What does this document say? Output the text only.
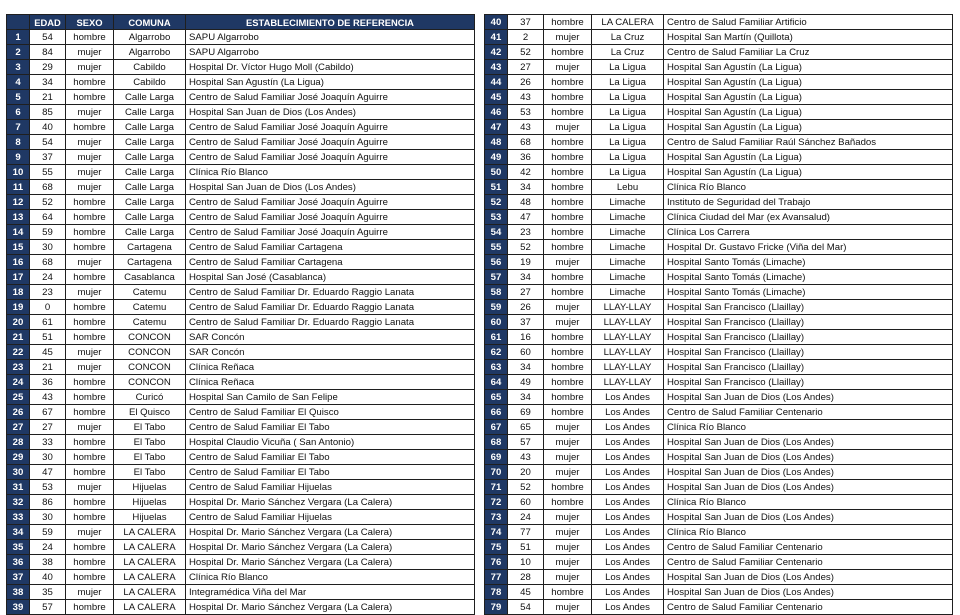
	EDAD	SEXO	COMUNA	ESTABLECIMIENTO DE REFERENCIA
1	54	hombre	Algarrobo	SAPU Algarrobo
2	84	mujer	Algarrobo	SAPU Algarrobo
3	29	mujer	Cabildo	Hospital Dr. Víctor Hugo Moll (Cabildo)
4	34	hombre	Cabildo	Hospital San Agustín (La Ligua)
5	21	hombre	Calle Larga	Centro de Salud Familiar José Joaquín Aguirre
6	85	mujer	Calle Larga	Hospital San Juan de Dios (Los Andes)
7	40	hombre	Calle Larga	Centro de Salud Familiar José Joaquín Aguirre
8	54	mujer	Calle Larga	Centro de Salud Familiar José Joaquín Aguirre
9	37	mujer	Calle Larga	Centro de Salud Familiar José Joaquín Aguirre
10	55	mujer	Calle Larga	Clínica Río Blanco
11	68	mujer	Calle Larga	Hospital San Juan de Dios (Los Andes)
12	52	hombre	Calle Larga	Centro de Salud Familiar José Joaquín Aguirre
13	64	hombre	Calle Larga	Centro de Salud Familiar José Joaquín Aguirre
14	59	hombre	Calle Larga	Centro de Salud Familiar José Joaquín Aguirre
15	30	hombre	Cartagena	Centro de Salud Familiar Cartagena
16	68	mujer	Cartagena	Centro de Salud Familiar Cartagena
17	24	hombre	Casablanca	Hospital San José (Casablanca)
18	23	mujer	Catemu	Centro de Salud Familiar Dr. Eduardo Raggio Lanata
19	0	hombre	Catemu	Centro de Salud Familiar Dr. Eduardo Raggio Lanata
20	61	hombre	Catemu	Centro de Salud Familiar Dr. Eduardo Raggio Lanata
21	51	hombre	CONCON	SAR Concón
22	45	mujer	CONCON	SAR Concón
23	21	mujer	CONCON	Clínica Reñaca
24	36	hombre	CONCON	Clínica Reñaca
25	43	hombre	Curicó	Hospital San Camilo de San Felipe
26	67	hombre	El Quisco	Centro de Salud Familiar El Quisco
27	27	mujer	El Tabo	Centro de Salud Familiar El Tabo
28	33	hombre	El Tabo	Hospital Claudio Vicuña ( San Antonio)
29	30	hombre	El Tabo	Centro de Salud Familiar El Tabo
30	47	hombre	El Tabo	Centro de Salud Familiar El Tabo
31	53	mujer	Hijuelas	Centro de Salud Familiar Hijuelas
32	86	hombre	Hijuelas	Hospital Dr. Mario Sánchez Vergara (La Calera)
33	30	hombre	Hijuelas	Centro de Salud Familiar Hijuelas
34	59	mujer	LA CALERA	Hospital Dr. Mario Sánchez Vergara (La Calera)
35	24	hombre	LA CALERA	Hospital Dr. Mario Sánchez Vergara (La Calera)
36	38	hombre	LA CALERA	Hospital Dr. Mario Sánchez Vergara (La Calera)
37	40	hombre	LA CALERA	Clínica Río Blanco
38	35	mujer	LA CALERA	Integramédica Viña del Mar
39	57	hombre	LA CALERA	Hospital Dr. Mario Sánchez Vergara (La Calera)
40	37	hombre	LA CALERA	Centro de Salud Familiar Artificio
41	2	mujer	La Cruz	Hospital San Martín (Quillota)
42	52	hombre	La Cruz	Centro de Salud Familiar La Cruz
43	27	mujer	La Ligua	Hospital San Agustín (La Ligua)
44	26	hombre	La Ligua	Hospital San Agustín (La Ligua)
45	43	hombre	La Ligua	Hospital San Agustín (La Ligua)
46	53	hombre	La Ligua	Hospital San Agustín (La Ligua)
47	43	mujer	La Ligua	Hospital San Agustín (La Ligua)
48	68	hombre	La Ligua	Centro de Salud Familiar Raúl Sánchez Bañados
49	36	hombre	La Ligua	Hospital San Agustín (La Ligua)
50	42	hombre	La Ligua	Hospital San Agustín (La Ligua)
51	34	hombre	Lebu	Clínica Río Blanco
52	48	hombre	Limache	Instituto de Seguridad del Trabajo
53	47	hombre	Limache	Clínica Ciudad del Mar (ex Avansalud)
54	23	hombre	Limache	Clínica Los Carrera
55	52	hombre	Limache	Hospital Dr. Gustavo Fricke (Viña del Mar)
56	19	mujer	Limache	Hospital Santo Tomás (Limache)
57	34	hombre	Limache	Hospital Santo Tomás (Limache)
58	27	hombre	Limache	Hospital Santo Tomás (Limache)
59	26	mujer	LLAY-LLAY	Hospital San Francisco (Llaillay)
60	37	mujer	LLAY-LLAY	Hospital San Francisco (Llaillay)
61	16	hombre	LLAY-LLAY	Hospital San Francisco (Llaillay)
62	60	hombre	LLAY-LLAY	Hospital San Francisco (Llaillay)
63	34	hombre	LLAY-LLAY	Hospital San Francisco (Llaillay)
64	49	hombre	LLAY-LLAY	Hospital San Francisco (Llaillay)
65	34	hombre	Los Andes	Hospital San Juan de Dios (Los Andes)
66	69	hombre	Los Andes	Centro de Salud Familiar Centenario
67	65	mujer	Los Andes	Clínica Río Blanco
68	57	mujer	Los Andes	Hospital San Juan de Dios (Los Andes)
69	43	mujer	Los Andes	Hospital San Juan de Dios (Los Andes)
70	20	mujer	Los Andes	Hospital San Juan de Dios (Los Andes)
71	52	hombre	Los Andes	Hospital San Juan de Dios (Los Andes)
72	60	hombre	Los Andes	Clínica Río Blanco
73	24	mujer	Los Andes	Hospital San Juan de Dios (Los Andes)
74	77	mujer	Los Andes	Clínica Río Blanco
75	51	mujer	Los Andes	Centro de Salud Familiar Centenario
76	10	mujer	Los Andes	Centro de Salud Familiar Centenario
77	28	mujer	Los Andes	Hospital San Juan de Dios (Los Andes)
78	45	hombre	Los Andes	Hospital San Juan de Dios (Los Andes)
79	54	mujer	Los Andes	Centro de Salud Familiar Centenario
